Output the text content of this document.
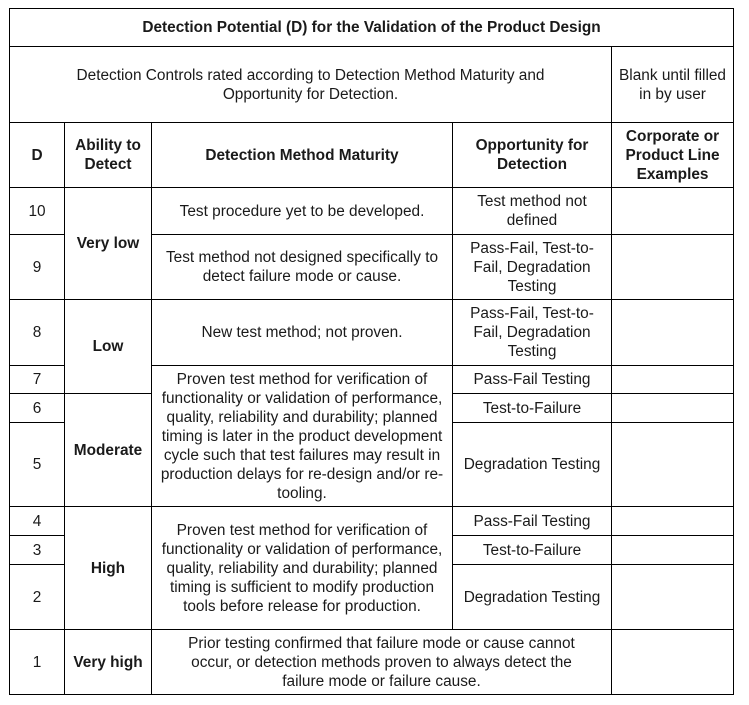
Detection Potential (D) for the Validation of the Product Design				
Detection Controls rated according to Detection Method Maturity and Opportunity for Detection.				Blank until filled in by user
D	Ability to Detect	Detection Method Maturity	Opportunity for Detection	Corporate or Product Line Examples
10	Very low	Test procedure yet to be developed.	Test method not defined	
9		Test method not designed specifically to detect failure mode or cause.	Pass-Fail, Test-to-Fail, Degradation Testing	
8	Low	New test method; not proven.	Pass-Fail, Test-to-Fail, Degradation Testing	
7		Proven test method for verification of functionality or validation of performance, quality, reliability and durability; planned timing is later in the product development cycle such that test failures may result in production delays for re-design and/or re-tooling.	Pass-Fail Testing	
6	Moderate		Test-to-Failure	
5			Degradation Testing	
4	High	Proven test method for verification of functionality or validation of performance, quality, reliability and durability; planned timing is sufficient to modify production tools before release for production.	Pass-Fail Testing	
3			Test-to-Failure	
2			Degradation Testing	
1	Very high	Prior testing confirmed that failure mode or cause cannot occur, or detection methods proven to always detect the failure mode or failure cause.		
